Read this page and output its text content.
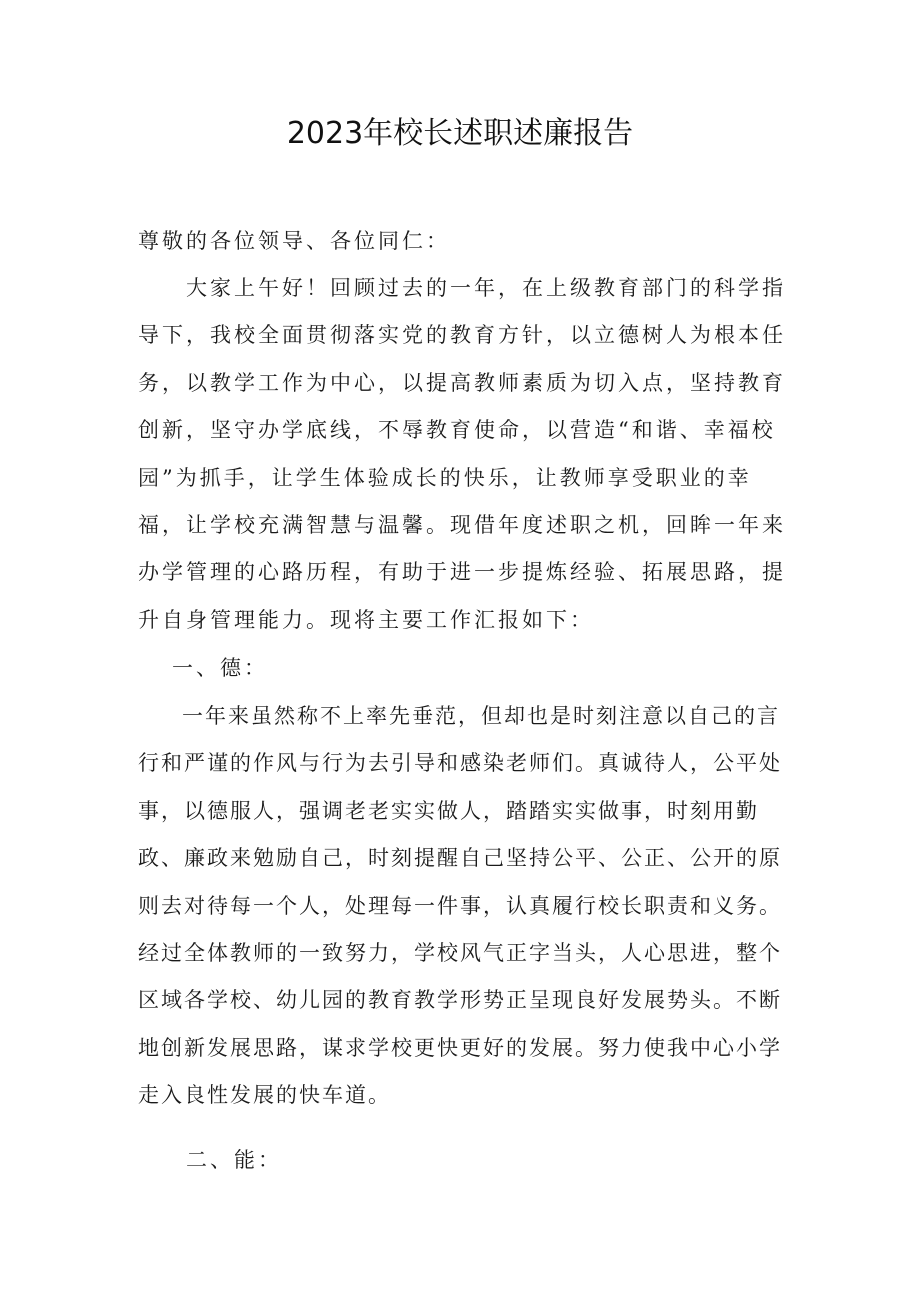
2023年校长述职述廉报告

尊敬的各位领导、各位同仁：

大家上午好！回顾过去的一年，在上级教育部门的科学指导下，我校全面贯彻落实党的教育方针，以立德树人为根本任务，以教学工作为中心，以提高教师素质为切入点，坚持教育创新，坚守办学底线，不辱教育使命，以营造“和谐、幸福校园”为抓手，让学生体验成长的快乐，让教师享受职业的幸福，让学校充满智慧与温馨。现借年度述职之机，回眸一年来办学管理的心路历程，有助于进一步提炼经验、拓展思路，提升自身管理能力。现将主要工作汇报如下：

一、德：

一年来虽然称不上率先垂范，但却也是时刻注意以自己的言行和严谨的作风与行为去引导和感染老师们。真诚待人，公平处事，以德服人，强调老老实实做人，踏踏实实做事，时刻用勤政、廉政来勉励自己，时刻提醒自己坚持公平、公正、公开的原则去对待每一个人，处理每一件事，认真履行校长职责和义务。经过全体教师的一致努力，学校风气正字当头，人心思进，整个区域各学校、幼儿园的教育教学形势正呈现良好发展势头。不断地创新发展思路，谋求学校更快更好的发展。努力使我中心小学走入良性发展的快车道。

二、能：
